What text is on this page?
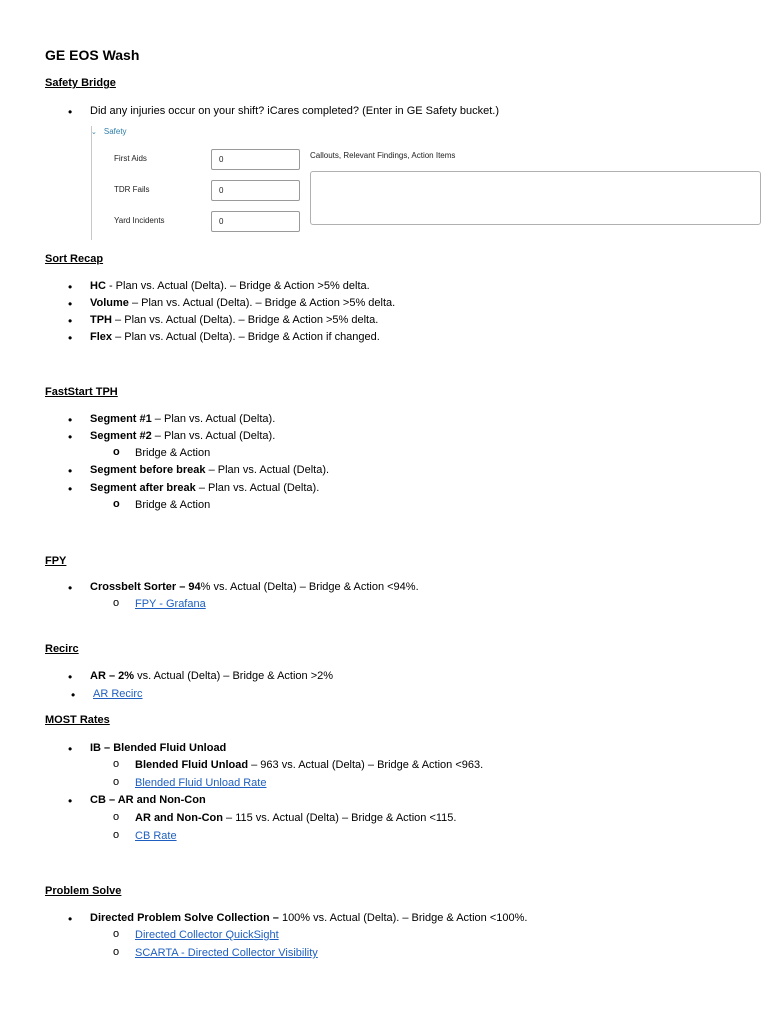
GE EOS Wash
Safety Bridge
• Did any injuries occur on your shift? iCares completed? (Enter in GE Safety bucket.)
⌄ Safety
First Aids	0
TDR Fails	0
Yard Incidents	0
Callouts, Relevant Findings, Action Items
Sort Recap
• HC - Plan vs. Actual (Delta). – Bridge & Action >5% delta.
• Volume – Plan vs. Actual (Delta). – Bridge & Action >5% delta.
• TPH – Plan vs. Actual (Delta). – Bridge & Action >5% delta.
• Flex – Plan vs. Actual (Delta). – Bridge & Action if changed.
FastStart TPH
• Segment #1 – Plan vs. Actual (Delta).
• Segment #2 – Plan vs. Actual (Delta).
o Bridge & Action
• Segment before break – Plan vs. Actual (Delta).
• Segment after break – Plan vs. Actual (Delta).
o Bridge & Action
FPY
• Crossbelt Sorter – 94% vs. Actual (Delta) – Bridge & Action <94%.
o FPY - Grafana
Recirc
• AR – 2% vs. Actual (Delta) – Bridge & Action >2%
• AR Recirc
MOST Rates
• IB – Blended Fluid Unload
o Blended Fluid Unload – 963 vs. Actual (Delta) – Bridge & Action <963.
o Blended Fluid Unload Rate
• CB – AR and Non-Con
o AR and Non-Con – 115 vs. Actual (Delta) – Bridge & Action <115.
o CB Rate
Problem Solve
• Directed Problem Solve Collection – 100% vs. Actual (Delta). – Bridge & Action <100%.
o Directed Collector QuickSight
o SCARTA - Directed Collector Visibility
